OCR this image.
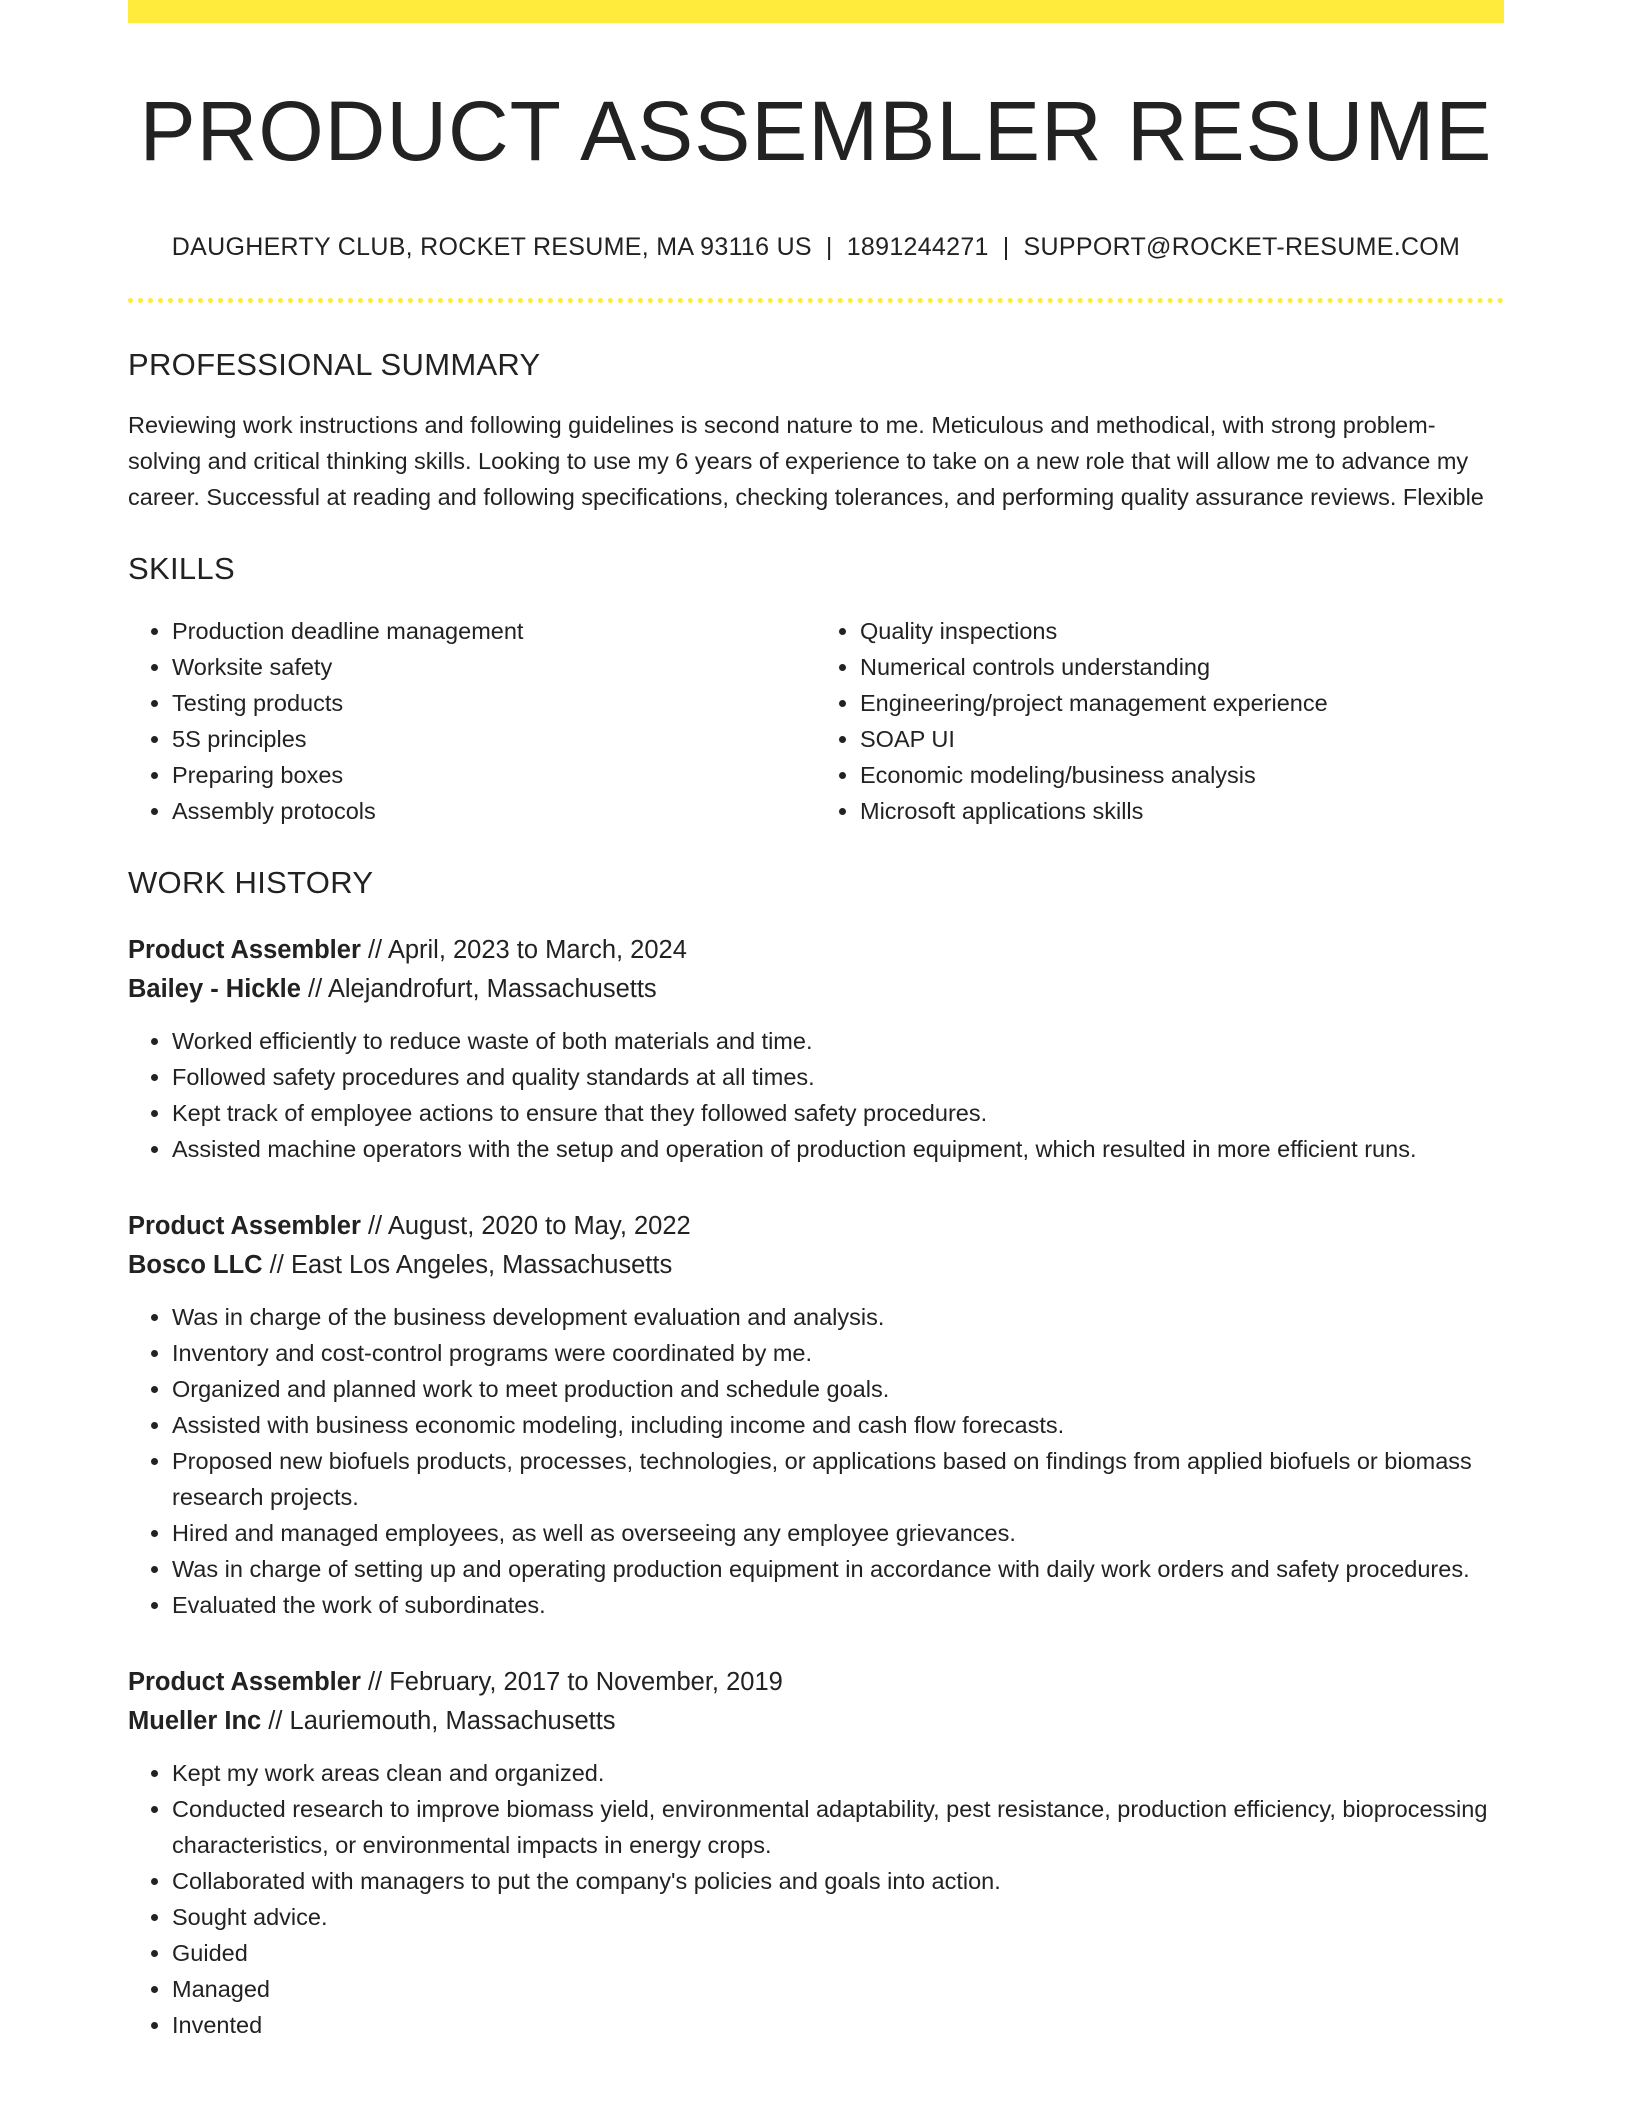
PRODUCT ASSEMBLER RESUME
DAUGHERTY CLUB, ROCKET RESUME, MA 93116 US | 1891244271 | SUPPORT@ROCKET-RESUME.COM
PROFESSIONAL SUMMARY
Reviewing work instructions and following guidelines is second nature to me. Meticulous and methodical, with strong problem-solving and critical thinking skills. Looking to use my 6 years of experience to take on a new role that will allow me to advance my career. Successful at reading and following specifications, checking tolerances, and performing quality assurance reviews. Flexible
SKILLS
• Production deadline management
• Worksite safety
• Testing products
• 5S principles
• Preparing boxes
• Assembly protocols
• Quality inspections
• Numerical controls understanding
• Engineering/project management experience
• SOAP UI
• Economic modeling/business analysis
• Microsoft applications skills
WORK HISTORY
Product Assembler // April, 2023 to March, 2024
Bailey - Hickle // Alejandrofurt, Massachusetts
• Worked efficiently to reduce waste of both materials and time.
• Followed safety procedures and quality standards at all times.
• Kept track of employee actions to ensure that they followed safety procedures.
• Assisted machine operators with the setup and operation of production equipment, which resulted in more efficient runs.
Product Assembler // August, 2020 to May, 2022
Bosco LLC // East Los Angeles, Massachusetts
• Was in charge of the business development evaluation and analysis.
• Inventory and cost-control programs were coordinated by me.
• Organized and planned work to meet production and schedule goals.
• Assisted with business economic modeling, including income and cash flow forecasts.
• Proposed new biofuels products, processes, technologies, or applications based on findings from applied biofuels or biomass research projects.
• Hired and managed employees, as well as overseeing any employee grievances.
• Was in charge of setting up and operating production equipment in accordance with daily work orders and safety procedures.
• Evaluated the work of subordinates.
Product Assembler // February, 2017 to November, 2019
Mueller Inc // Lauriemouth, Massachusetts
• Kept my work areas clean and organized.
• Conducted research to improve biomass yield, environmental adaptability, pest resistance, production efficiency, bioprocessing characteristics, or environmental impacts in energy crops.
• Collaborated with managers to put the company's policies and goals into action.
• Sought advice.
• Guided
• Managed
• Invented
